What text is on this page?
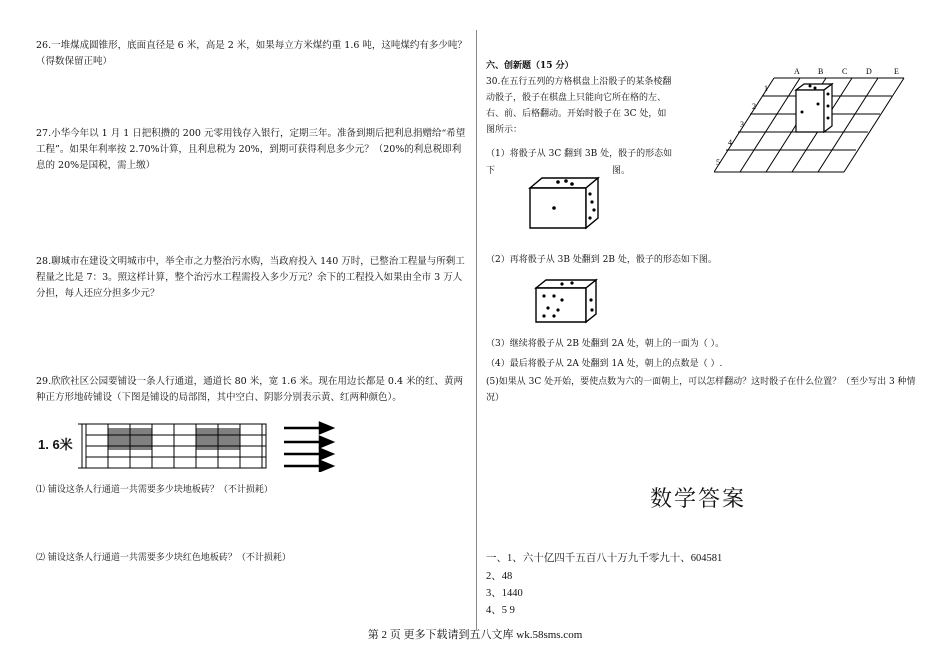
26.一堆煤成圆锥形，底面直径是 6 米，高是 2 米，如果每立方米煤约重 1.6 吨，这吨煤约有多少吨？（得数保留正吨）
27.小华今年以 1 月 1 日把积攒的 200 元零用钱存入银行，定期三年。准备到期后把利息捐赠给“希望工程”。如果年利率按 2.70%计算，且利息税为 20%，到期可获得利息多少元？（20%的利息税即利息的 20%是国税，需上缴）
28.聊城市在建设文明城市中，举全市之力整治污水购，当政府投入 140 万时，已整治工程量与所剩工程量之比是 7：3。照这样计算，整个治污水工程需投入多少万元？余下的工程投入如果由全市 3 万人分担，每人还应分担多少元？
29.欣欣社区公园要铺设一条人行通道，通道长 80 米，宽 1.6 米。现在用边长都是 0.4 米的红、黄两种正方形地砖铺设（下图是铺设的局部图，其中空白、阴影分别表示黄、红两种颜色）。
1. 6米
⑴ 铺设这条人行通道一共需要多少块地板砖？（不计损耗）
⑵ 铺设这条人行通道一共需要多少块红色地板砖？（不计损耗）
六、创新题（15 分）
30.在五行五列的方格棋盘上沿骰子的某条棱翻
动骰子，骰子在棋盘上只能向它所在格的左、
右、前、后格翻动。开始时骰子在 3C 处，如
图所示：
（1）将骰子从 3C 翻到 3B 处，骰子的形态如
下	图。
A B C D	E
1
2
3
4
5
（2）再将骰子从 3B 处翻到 2B 处，骰子的形态如下图。
（3）继续将骰子从 2B 处翻到 2A 处，朝上的一面为（ ）。
（4）最后将骰子从 2A 处翻到 1A 处，朝上的点数是（ ）.
(5)如果从 3C 处开始，要使点数为六的一面朝上，可以怎样翻动？这时骰子在什么位置？（至少写出 3 种情况）
数学答案
一、1、六十亿四千五百八十万九千零九十、604581
2、48
3、1440
4、5 9
第 2 页 更多下载请到五八文库 wk.58sms.com
